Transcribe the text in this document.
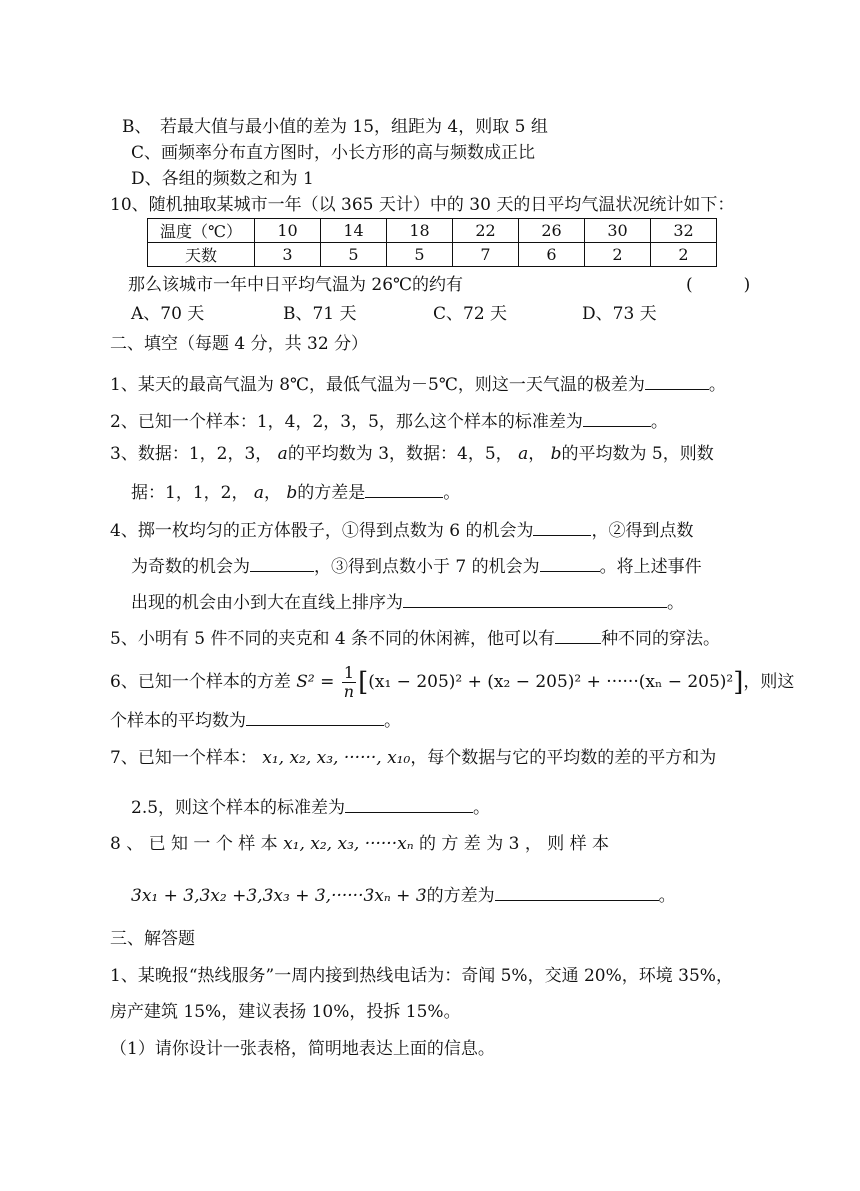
B、　若最大值与最小值的差为 15，组距为 4，则取 5 组
C、画频率分布直方图时，小长方形的高与频数成正比
D、各组的频数之和为 1
10、随机抽取某城市一年（以 365 天计）中的 30 天的日平均气温状况统计如下：
温度（℃）	10	14	18	22	26	30	32
天数	3	5	5	7	6	2	2
那么该城市一年中日平均气温为 26℃的约有	(　　　)
A、70 天	B、71 天	C、72 天	D、73 天
二、填空（每题 4 分，共 32 分）
1、某天的最高气温为 8℃，最低气温为－5℃，则这一天气温的极差为	。
2、已知一个样本：1，4，2，3，5，那么这个样本的标准差为	。
3、数据：1，2，3， a的平均数为 3，数据：4，5， a， b的平均数为 5，则数
据：1，1，2， a， b的方差是	。
4、掷一枚均匀的正方体骰子，①得到点数为 6 的机会为	，②得到点数
为奇数的机会为	，③得到点数小于 7 的机会为	。将上述事件
出现的机会由小到大在直线上排序为	。
5、小明有 5 件不同的夹克和 4 条不同的休闲裤，他可以有	种不同的穿法。
6、已知一个样本的方差 $S^2 = \frac{1}{n} [(x_1 - 205)^2 + (x_2 - 205)^2 + \cdot\cdot\cdot\cdot\cdot\cdot(x_n - 205)^2]$，则这
个样本的平均数为	。
7、已知一个样本： x₁, x₂, x₃, ······, x₁₀，每个数据与它的平均数的差的平方和为
2.5，则这个样本的标准差为	。
8 、 已 知 一 个 样 本 x₁, x₂, x₃, ······xₙ 的 方 差 为 3 ， 则 样 本
3x₁ + 3,3x₂ +3,3x₃ + 3,······3xₙ + 3的方差为	。
三、解答题
1、某晚报“热线服务”一周内接到热线电话为：奇闻 5%，交通 20%，环境 35%，
房产建筑 15%，建议表扬 10%，投拆 15%。
（1）请你设计一张表格，简明地表达上面的信息。
